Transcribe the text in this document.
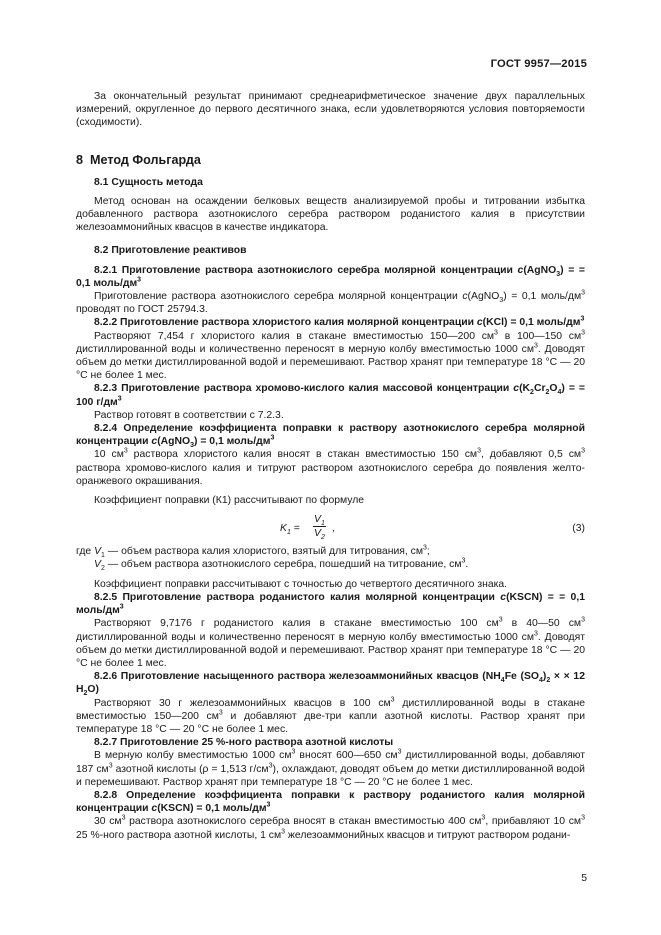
ГОСТ 9957—2015

За окончательный результат принимают среднеарифметическое значение двух параллельных измерений, округленное до первого десятичного знака, если удовлетворяются условия повторяемости (сходимости).

8 Метод Фольгарда

8.1 Сущность метода

Метод основан на осаждении белковых веществ анализируемой пробы и титровании избытка добавленного раствора азотнокислого серебра раствором роданистого калия в присутствии железоаммонийных квасцов в качестве индикатора.

8.2 Приготовление реактивов

8.2.1 Приготовление раствора азотнокислого серебра молярной концентрации c(AgNO$_3$) = = 0,1 моль/$дм^3$

Приготовление раствора азотнокислого серебра молярной концентрации c(AgNO$_3$) = 0,1 моль/$дм^3$ проводят по ГОСТ 25794.3.

8.2.2 Приготовление раствора хлористого калия молярной концентрации c(KCl) = 0,1 моль/$дм^3$

Растворяют 7,454 г хлористого калия в стакане вместимостью 150—200 $см^3$ в 100—150 $см^3$ дистиллированной воды и количественно переносят в мерную колбу вместимостью 1000 $см^3$. Доводят объем до метки дистиллированной водой и перемешивают. Раствор хранят при температуре 18 °С — 20 °С не более 1 мес.

8.2.3 Приготовление раствора хромово-кислого калия массовой концентрации $c(K_2Cr_2O_4)$ = = 100 $г/дм^3$

Раствор готовят в соответствии с 7.2.3.

8.2.4 Определение коэффициента поправки к раствору азотнокислого серебра молярной концентрации c(AgNO$_3$) = 0,1 моль/$дм^3$

10 $см^3$ раствора хлористого калия вносят в стакан вместимостью 150 $см^3$, добавляют 0,5 $см^3$ раствора хромово-кислого калия и титруют раствором азотнокислого серебра до появления желто-оранжевого окрашивания.

Коэффициент поправки (К1) рассчитывают по формуле

$K_1 = \frac{V_1}{V_2}$ ,	(3)

где $V_1$ — объем раствора калия хлористого, взятый для титрования, $см^3$;

$V_2$ — объем раствора азотнокислого серебра, пошедший на титрование, $см^3$.

Коэффициент поправки рассчитывают с точностью до четвертого десятичного знака.

8.2.5 Приготовление раствора роданистого калия молярной концентрации c(KSCN) = = 0,1 моль/$дм^3$

Растворяют 9,7176 г роданистого калия в стакане вместимостью 100 $см^3$ в 40—50 $см^3$ дистиллированной воды и количественно переносят в мерную колбу вместимостью 1000 $см^3$. Доводят объем до метки дистиллированной водой и перемешивают. Раствор хранят при температуре 18 °С — 20 °С не более 1 мес.

8.2.6 Приготовление насыщенного раствора железоаммонийных квасцов ($NH_4Fe$ $(SO_4)_2$ × × 12 $H_2O$)

Растворяют 30 г железоаммонийных квасцов в 100 $см^3$ дистиллированной воды в стакане вместимостью 150—200 $см^3$ и добавляют две-три капли азотной кислоты. Раствор хранят при температуре 18 °С — 20 °С не более 1 мес.

8.2.7 Приготовление 25 %-ного раствора азотной кислоты

В мерную колбу вместимостью 1000 $см^3$ вносят 600—650 $см^3$ дистиллированной воды, добавляют 187 $см^3$ азотной кислоты (ρ = 1,513 $г/см^3$), охлаждают, доводят объем до метки дистиллированной водой и перемешивают. Раствор хранят при температуре 18 °С — 20 °С не более 1 мес.

8.2.8 Определение коэффициента поправки к раствору роданистого калия молярной концентрации c(KSCN) = 0,1 моль/$дм^3$

30 $см^3$ раствора азотнокислого серебра вносят в стакан вместимостью 400 $см^3$, прибавляют 10 $см^3$ 25 %-ного раствора азотной кислоты, 1 $см^3$ железоаммонийных квасцов и титруют раствором родани-

5
